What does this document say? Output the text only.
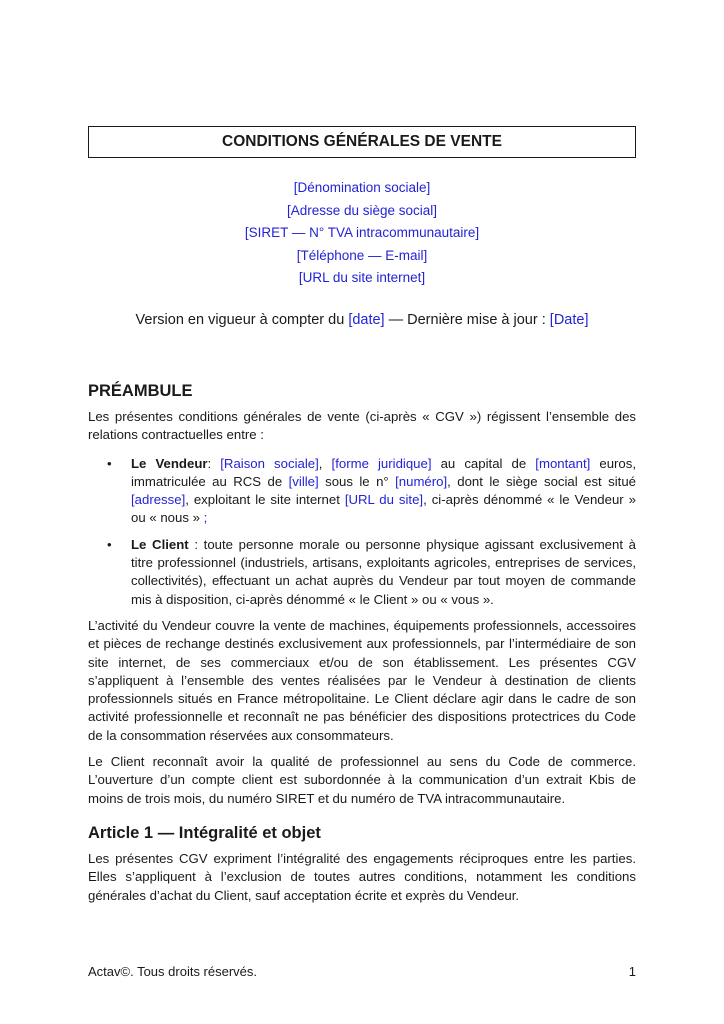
CONDITIONS GÉNÉRALES DE VENTE
[Dénomination sociale]
[Adresse du siège social]
[SIRET — N° TVA intracommunautaire]
[Téléphone — E-mail]
[URL du site internet]
Version en vigueur à compter du [date] — Dernière mise à jour : [Date]
PRÉAMBULE

Les présentes conditions générales de vente (ci-après « CGV ») régissent l’ensemble des relations contractuelles entre :

• Le Vendeur: [Raison sociale], [forme juridique] au capital de [montant] euros, immatriculée au RCS de [ville] sous le n° [numéro], dont le siège social est situé [adresse], exploitant le site internet [URL du site], ci-après dénommé « le Vendeur » ou « nous » ;
• Le Client : toute personne morale ou personne physique agissant exclusivement à titre professionnel (industriels, artisans, exploitants agricoles, entreprises de services, collectivités), effectuant un achat auprès du Vendeur par tout moyen de commande mis à disposition, ci-après dénommé « le Client » ou « vous ».

L’activité du Vendeur couvre la vente de machines, équipements professionnels, accessoires et pièces de rechange destinés exclusivement aux professionnels, par l’intermédiaire de son site internet, de ses commerciaux et/ou de son établissement. Les présentes CGV s’appliquent à l’ensemble des ventes réalisées par le Vendeur à destination de clients professionnels situés en France métropolitaine. Le Client déclare agir dans le cadre de son activité professionnelle et reconnaît ne pas bénéficier des dispositions protectrices du Code de la consommation réservées aux consommateurs.

Le Client reconnaît avoir la qualité de professionnel au sens du Code de commerce. L’ouverture d’un compte client est subordonnée à la communication d’un extrait Kbis de moins de trois mois, du numéro SIRET et du numéro de TVA intracommunautaire.

Article 1 — Intégralité et objet

Les présentes CGV expriment l’intégralité des engagements réciproques entre les parties. Elles s’appliquent à l’exclusion de toutes autres conditions, notamment les conditions générales d’achat du Client, sauf acceptation écrite et exprès du Vendeur.

Actav©. Tous droits réservés.	1
